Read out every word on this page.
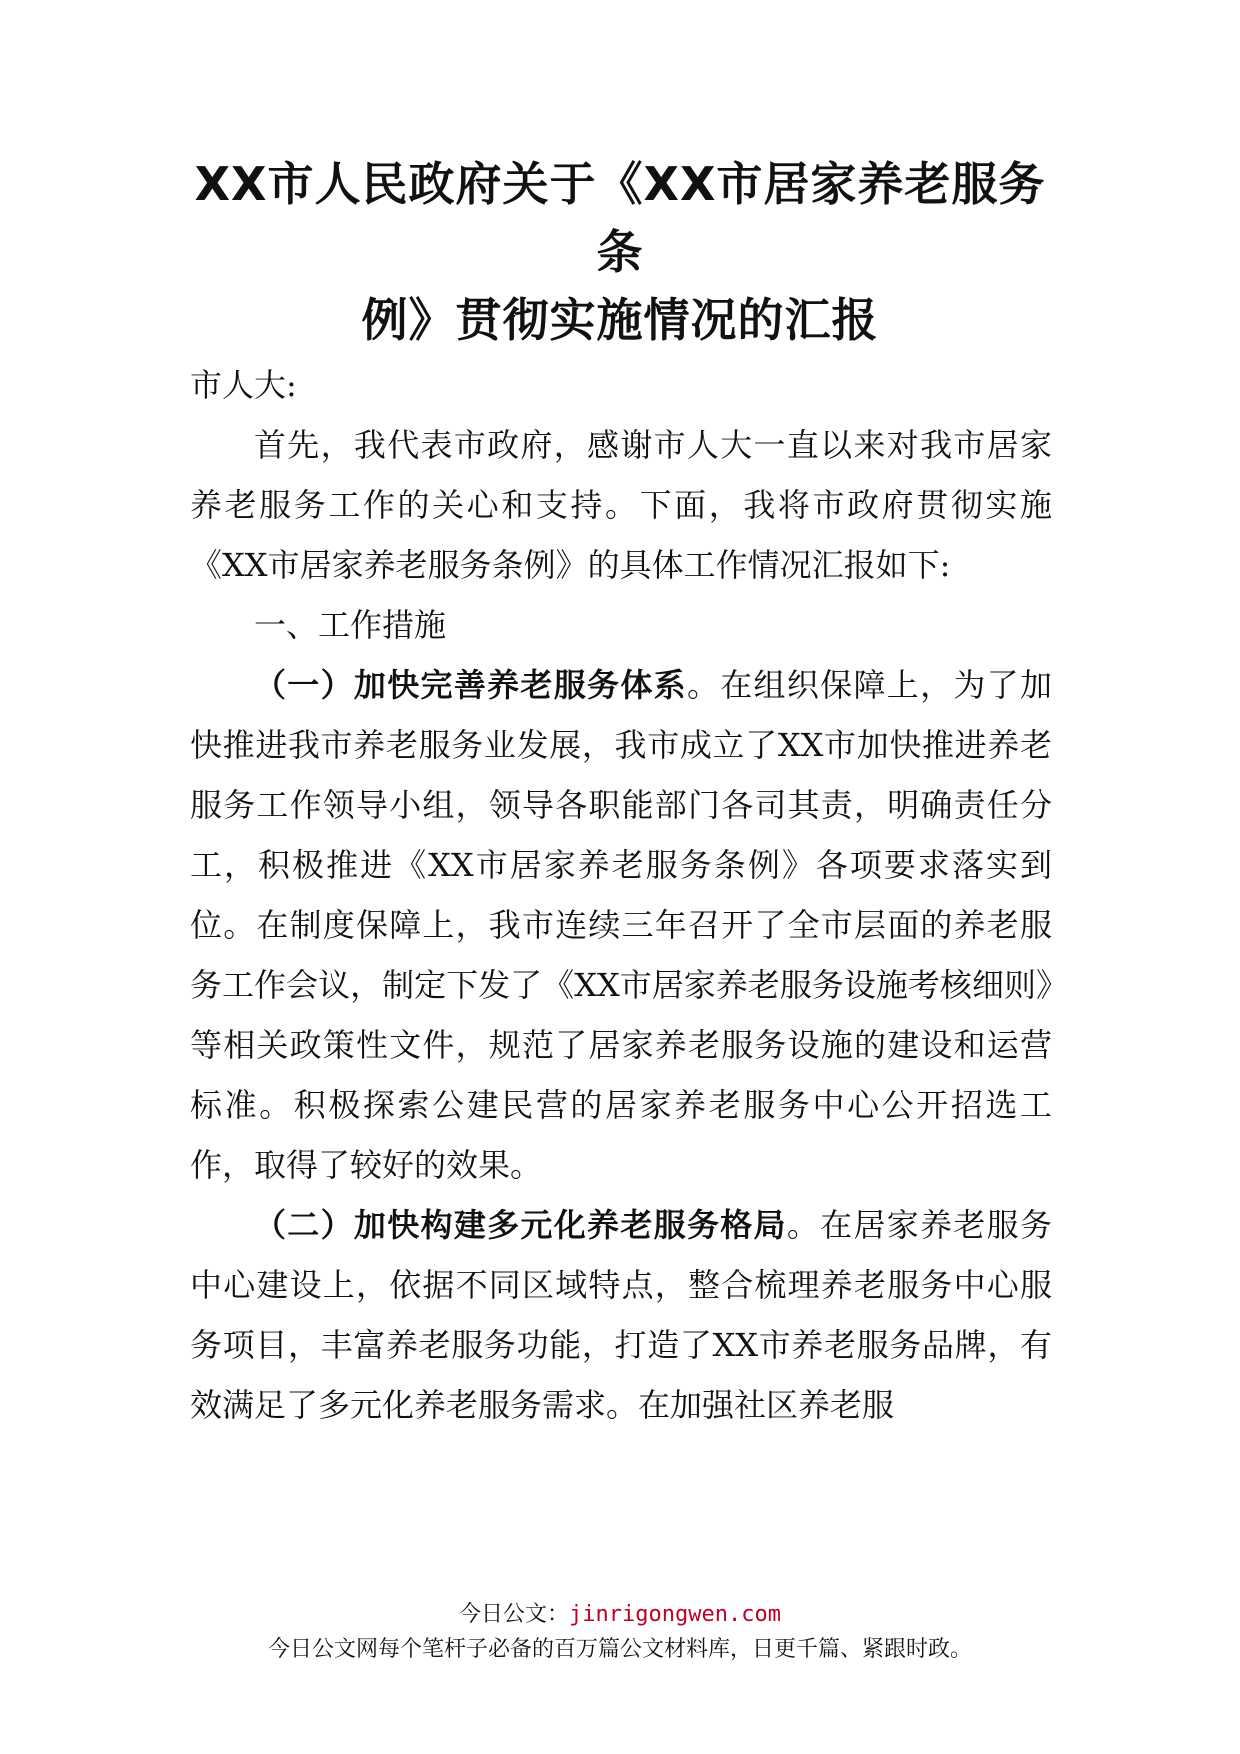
XX市人民政府关于《XX市居家养老服务条
例》贯彻实施情况的汇报

市人大:

首先，我代表市政府，感谢市人大一直以来对我市居家养老服务工作的关心和支持。下面，我将市政府贯彻实施《XX市居家养老服务条例》的具体工作情况汇报如下:

一、工作措施

（一）加快完善养老服务体系。在组织保障上，为了加快推进我市养老服务业发展，我市成立了XX市加快推进养老服务工作领导小组，领导各职能部门各司其责，明确责任分工，积极推进《XX市居家养老服务条例》各项要求落实到位。在制度保障上，我市连续三年召开了全市层面的养老服务工作会议，制定下发了《XX市居家养老服务设施考核细则》等相关政策性文件，规范了居家养老服务设施的建设和运营标准。积极探索公建民营的居家养老服务中心公开招选工作，取得了较好的效果。

（二）加快构建多元化养老服务格局。在居家养老服务中心建设上，依据不同区域特点，整合梳理养老服务中心服务项目，丰富养老服务功能，打造了XX市养老服务品牌，有效满足了多元化养老服务需求。在加强社区养老服

今日公文：jinrigongwen.com
今日公文网每个笔杆子必备的百万篇公文材料库，日更千篇、紧跟时政。
